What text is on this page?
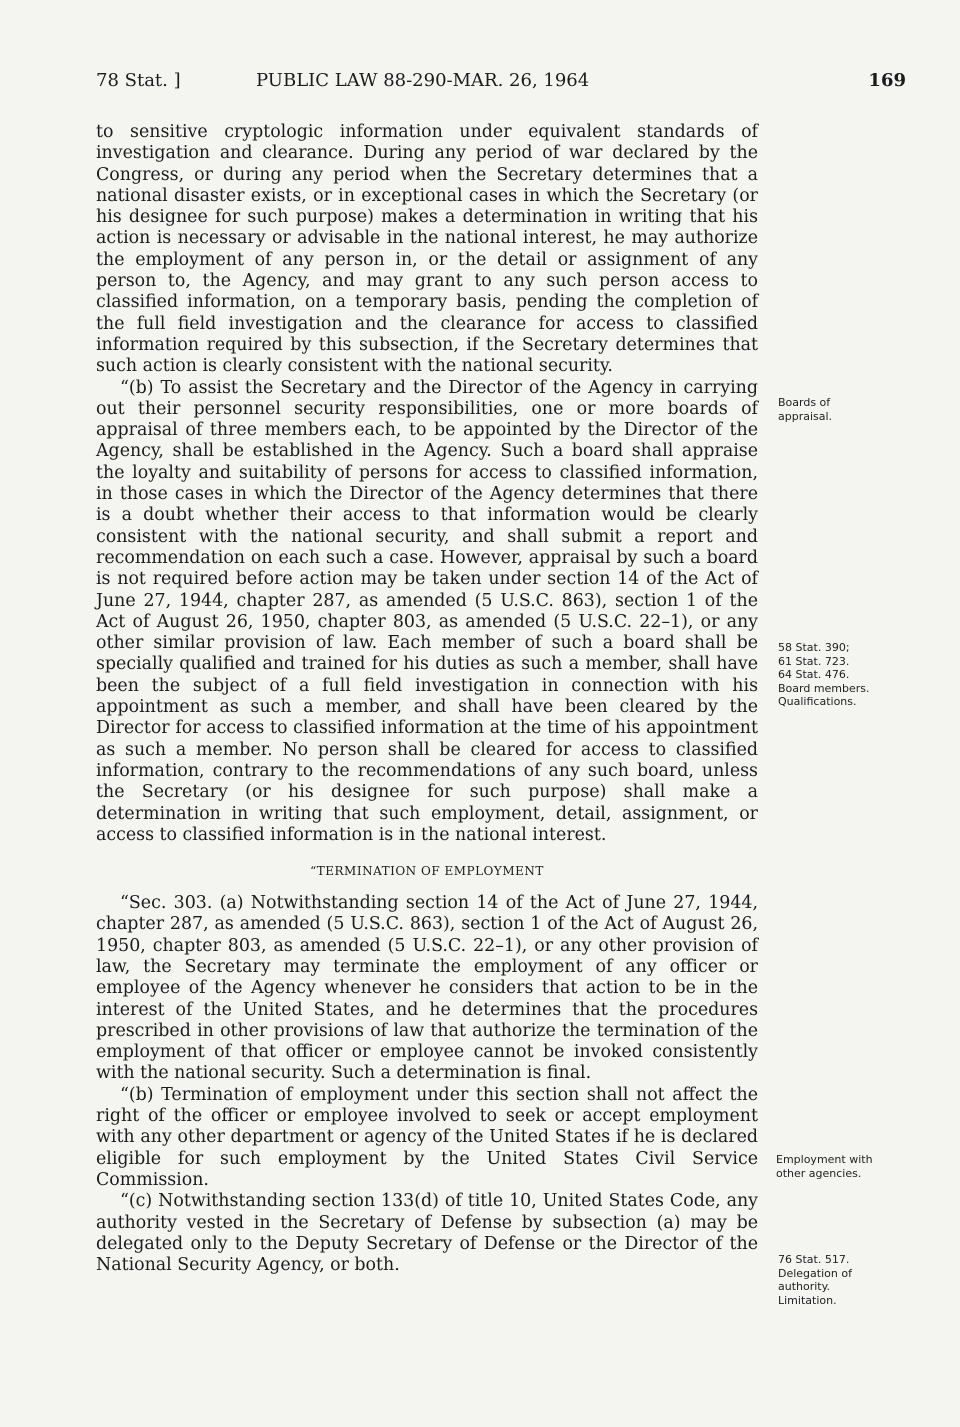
78 Stat. ]	PUBLIC LAW 88-290-MAR. 26, 1964	169

to sensitive cryptologic information under equivalent standards of investigation and clearance. During any period of war declared by the Congress, or during any period when the Secretary determines that a national disaster exists, or in exceptional cases in which the Secretary (or his designee for such purpose) makes a determination in writing that his action is necessary or advisable in the national interest, he may authorize the employment of any person in, or the detail or assignment of any person to, the Agency, and may grant to any such person access to classified information, on a temporary basis, pending the completion of the full field investigation and the clearance for access to classified information required by this subsection, if the Secretary determines that such action is clearly consistent with the national security.

“(b) To assist the Secretary and the Director of the Agency in carrying out their personnel security responsibilities, one or more boards of appraisal of three members each, to be appointed by the Director of the Agency, shall be established in the Agency. Such a board shall appraise the loyalty and suitability of persons for access to classified information, in those cases in which the Director of the Agency determines that there is a doubt whether their access to that information would be clearly consistent with the national security, and shall submit a report and recommendation on each such a case. However, appraisal by such a board is not required before action may be taken under section 14 of the Act of June 27, 1944, chapter 287, as amended (5 U.S.C. 863), section 1 of the Act of August 26, 1950, chapter 803, as amended (5 U.S.C. 22–1), or any other similar provision of law. Each member of such a board shall be specially qualified and trained for his duties as such a member, shall have been the subject of a full field investigation in connection with his appointment as such a member, and shall have been cleared by the Director for access to classified information at the time of his appointment as such a member. No person shall be cleared for access to classified information, contrary to the recommendations of any such board, unless the Secretary (or his designee for such purpose) shall make a determination in writing that such employment, detail, assignment, or access to classified information is in the national interest.

“TERMINATION OF EMPLOYMENT

“Sec. 303. (a) Notwithstanding section 14 of the Act of June 27, 1944, chapter 287, as amended (5 U.S.C. 863), section 1 of the Act of August 26, 1950, chapter 803, as amended (5 U.S.C. 22–1), or any other provision of law, the Secretary may terminate the employment of any officer or employee of the Agency whenever he considers that action to be in the interest of the United States, and he determines that the procedures prescribed in other provisions of law that authorize the termination of the employment of that officer or employee cannot be invoked consistently with the national security. Such a determination is final.

“(b) Termination of employment under this section shall not affect the right of the officer or employee involved to seek or accept employment with any other department or agency of the United States if he is declared eligible for such employment by the United States Civil Service Commission.

“(c) Notwithstanding section 133(d) of title 10, United States Code, any authority vested in the Secretary of Defense by subsection (a) may be delegated only to the Deputy Secretary of Defense or the Director of the National Security Agency, or both.

Boards of
appraisal.
58 Stat. 390;
61 Stat. 723.
64 Stat. 476.
Board members.
Qualifications.
Employment with
other agencies.
76 Stat. 517.
Delegation of
authority.
Limitation.
